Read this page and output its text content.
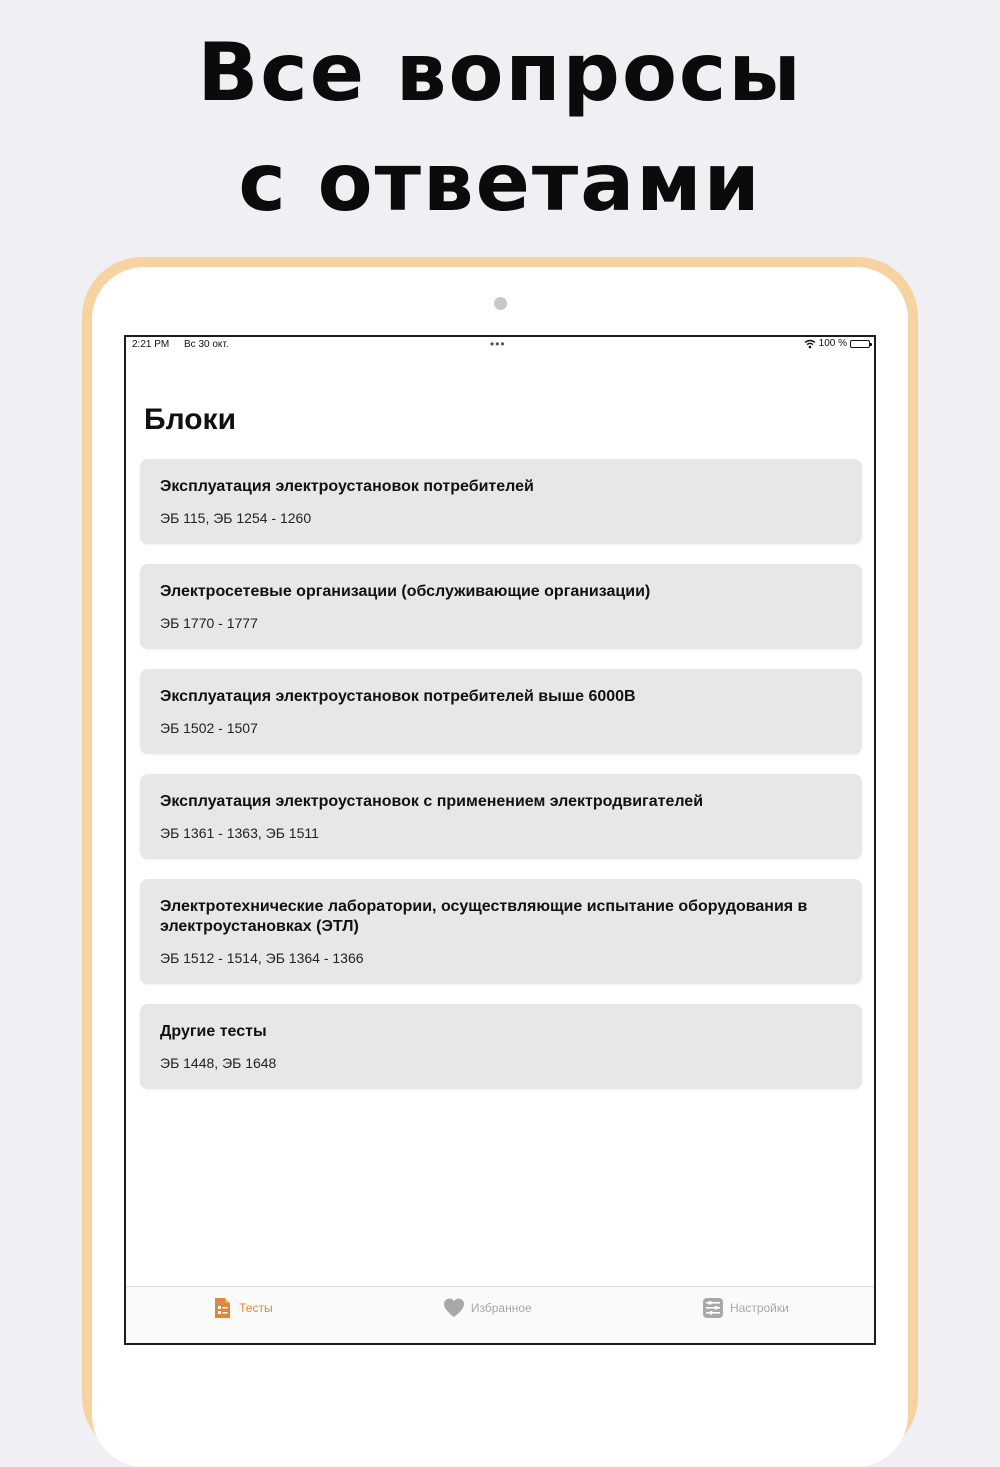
Все вопросы
с ответами
2:21 PM Вс 30 окт.	•••	100 %
Блоки
Эксплуатация электроустановок потребителей
ЭБ 115, ЭБ 1254 - 1260
Электросетевые организации (обслуживающие организации)
ЭБ 1770 - 1777
Эксплуатация электроустановок потребителей выше 6000В
ЭБ 1502 - 1507
Эксплуатация электроустановок с применением электродвигателей
ЭБ 1361 - 1363, ЭБ 1511
Электротехнические лаборатории, осуществляющие испытание оборудования в электроустановках (ЭТЛ)
ЭБ 1512 - 1514, ЭБ 1364 - 1366
Другие тесты
ЭБ 1448, ЭБ 1648
Тесты	Избранное	Настройки
